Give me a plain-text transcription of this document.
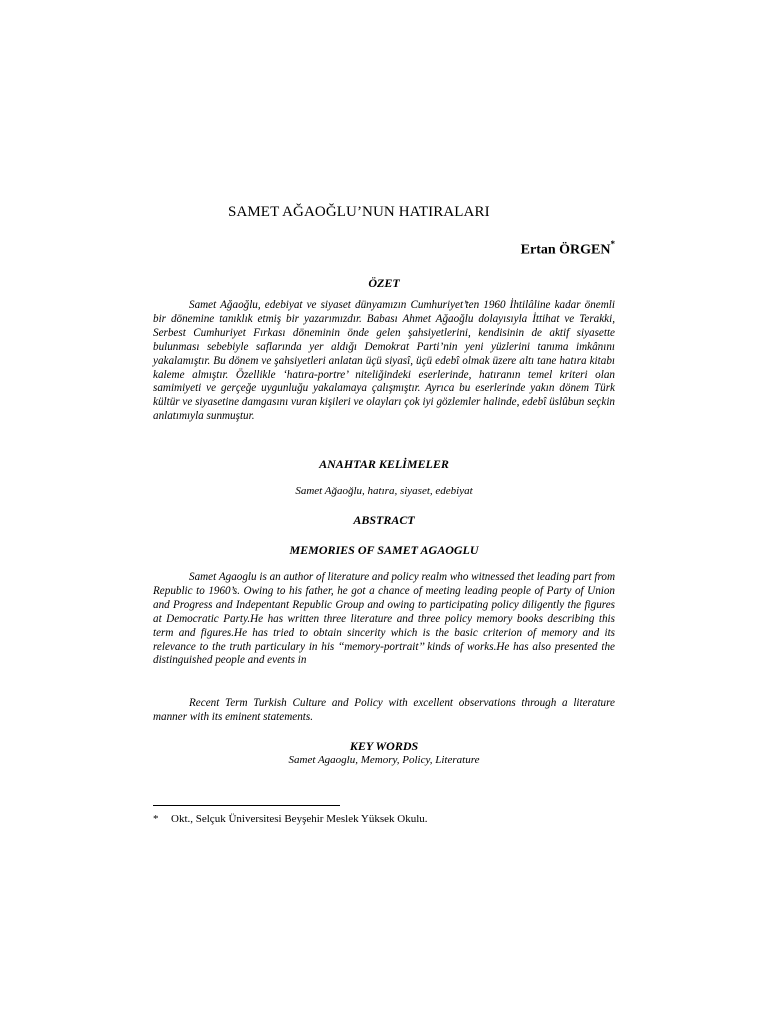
SAMET AĞAOĞLU’NUN HATIRALARI
Ertan ÖRGEN*
ÖZET

Samet Ağaoğlu, edebiyat ve siyaset dünyamızın Cumhuriyet’ten 1960 İhtilâline kadar önemli bir dönemine tanıklık etmiş bir yazarımızdır. Babası Ahmet Ağaoğlu dolayısıyla İttihat ve Terakki, Serbest Cumhuriyet Fırkası döneminin önde gelen şahsiyetlerini, kendisinin de aktif siyasette bulunması sebebiyle saflarında yer aldığı Demokrat Parti’nin yeni yüzlerini tanıma imkânını yakalamıştır. Bu dönem ve şahsiyetleri anlatan üçü siyasî, üçü edebî olmak üzere altı tane hatıra kitabı kaleme almıştır. Özellikle ‘hatıra-portre’ niteliğindeki eserlerinde, hatıranın temel kriteri olan samimiyeti ve gerçeğe uygunluğu yakalamaya çalışmıştır. Ayrıca bu eserlerinde yakın dönem Türk kültür ve siyasetine damgasını vuran kişileri ve olayları çok iyi gözlemler halinde, edebî üslûbun seçkin anlatımıyla sunmuştur.

ANAHTAR KELİMELER
Samet Ağaoğlu, hatıra, siyaset, edebiyat
ABSTRACT
MEMORIES OF SAMET AGAOGLU

Samet Agaoglu is an author of literature and policy realm who witnessed thet leading part from Republic to 1960’s. Owing to his father, he got a chance of meeting leading people of Party of Union and Progress and Indepentant Republic Group and owing to participating policy diligently the figures at Democratic Party.He has written three literature and three policy memory books describing this term and figures.He has tried to obtain sincerity which is the basic criterion of memory and its relevance to the truth particulary in his ‘‘memory-portrait’’ kinds of works.He has also presented the distinguished people and events in

Recent Term Turkish Culture and Policy with excellent observations through a literature manner with its eminent statements.

KEY WORDS
Samet Agaoglu, Memory, Policy, Literature
* Okt., Selçuk Üniversitesi Beyşehir Meslek Yüksek Okulu.
